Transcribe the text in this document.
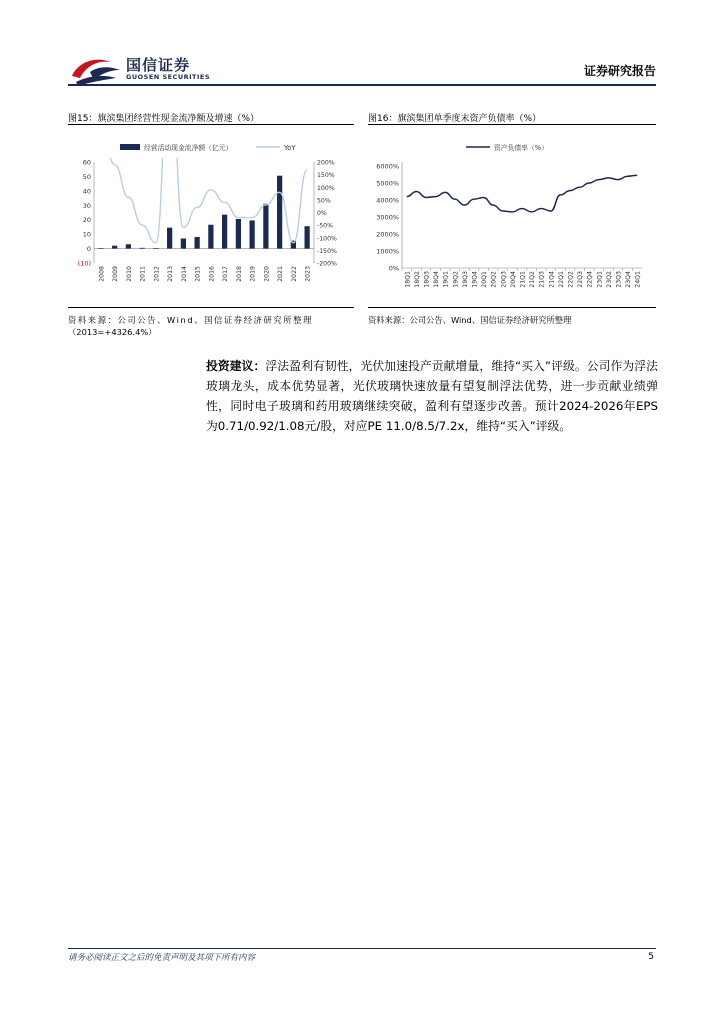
国信证券
GUOSEN SECURITIES	证券研究报告
图15：旗滨集团经营性现金流净额及增速（%）	图16：旗滨集团单季度末资产负债率（%）
(10)
0
10
20
30
40
50
60
-200%
-150%
-100%
-50%
0%
50%
100%
150%
200%
2008 2009 2010 2011 2012 2013 2014 2015 2016 2017 2018 2019 2020 2021 2022 2023
经营活动现金流净额（亿元）	YoY
0%
1000%
2000%
3000%
4000%
5000%
6000%
18Q1 18Q2 18Q3 18Q4 19Q1 19Q2 19Q3 19Q4 20Q1 20Q2 20Q3 20Q4 21Q1 21Q2 21Q3 21Q4 22Q1 22Q2 22Q3 22Q4 23Q1 23Q2 23Q3 23Q4 24Q1
资产负债率（%）
资料来源：公司公告、Wind、国信证券经济研究所整理
（2013=+4326.4%）
资料来源：公司公告、Wind、国信证券经济研究所整理
投资建议：浮法盈利有韧性，光伏加速投产贡献增量，维持“买入”评级。公司作为浮法玻璃龙头，成本优势显著，光伏玻璃快速放量有望复制浮法优势，进一步贡献业绩弹性，同时电子玻璃和药用玻璃继续突破，盈利有望逐步改善。预计2024-2026年EPS为0.71/0.92/1.08元/股，对应PE 11.0/8.5/7.2x，维持“买入”评级。
请务必阅读正文之后的免责声明及其项下所有内容	5
